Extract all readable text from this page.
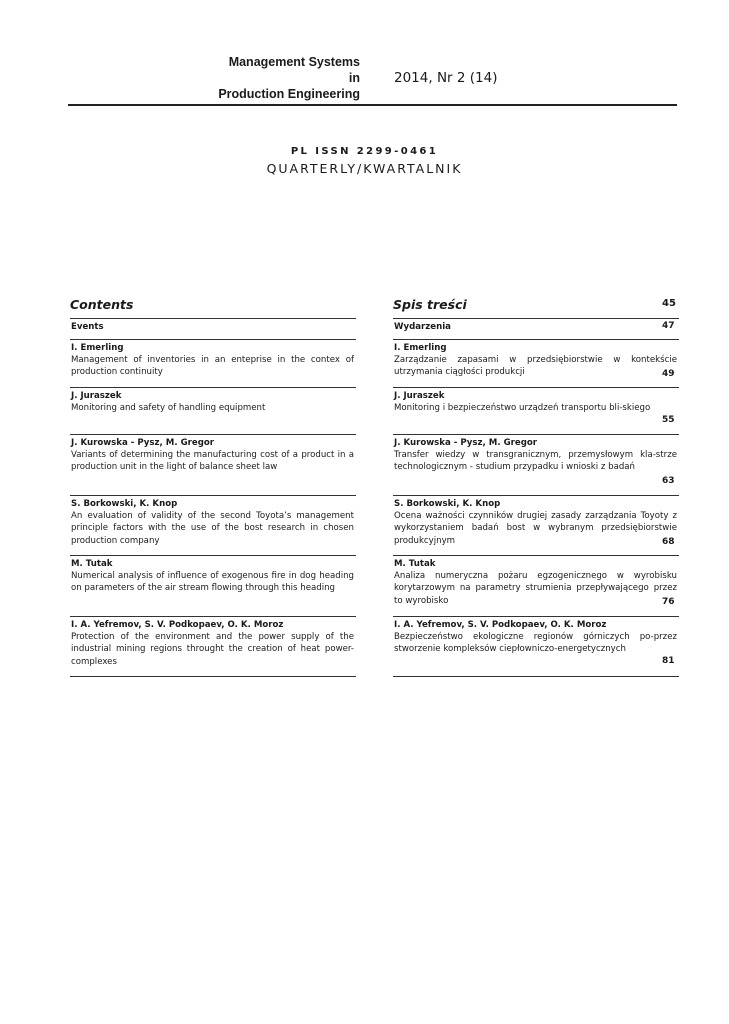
Management Systems
in
Production Engineering
2014, Nr 2 (14)
PL ISSN 2299-0461
QUARTERLY/KWARTALNIK
Contents
Events
I. Emerling
Management of inventories in an enteprise in the contex of production continuity
J. Juraszek
Monitoring and safety of handling equipment
J. Kurowska - Pysz, M. Gregor
Variants of determining the manufacturing cost of a product in a production unit in the light of balance sheet law
S. Borkowski, K. Knop
An evaluation of validity of the second Toyota’s management principle factors with the use of the bost research in chosen production company
M. Tutak
Numerical analysis of influence of exogenous fire in dog heading on parameters of the air stream flowing through this heading
I. A. Yefremov, S. V. Podkopaev, O. K. Moroz
Protection of the environment and the power supply of the industrial mining regions throught the creation of heat power-complexes
Spis treści
Wydarzenia
I. Emerling
Zarządzanie zapasami w przedsiębiorstwie w kontekście utrzymania ciągłości produkcji
J. Juraszek
Monitoring i bezpieczeństwo urządzeń transportu bli-skiego
J. Kurowska - Pysz, M. Gregor
Transfer wiedzy w transgranicznym, przemysłowym kla-strze technologicznym - studium przypadku i wnioski z badań
S. Borkowski, K. Knop
Ocena ważności czynników drugiej zasady zarządzania Toyoty z wykorzystaniem badań bost w wybranym przedsiębiorstwie produkcyjnym
M. Tutak
Analiza numeryczna pożaru egzogenicznego w wyrobisku korytarzowym na parametry strumienia przepływającego przez to wyrobisko
I. A. Yefremov, S. V. Podkopaev, O. K. Moroz
Bezpieczeństwo ekologiczne regionów górniczych po-przez stworzenie kompleksów ciepłowniczo-energetycznych
45
47
49
55
63
68
76
81
